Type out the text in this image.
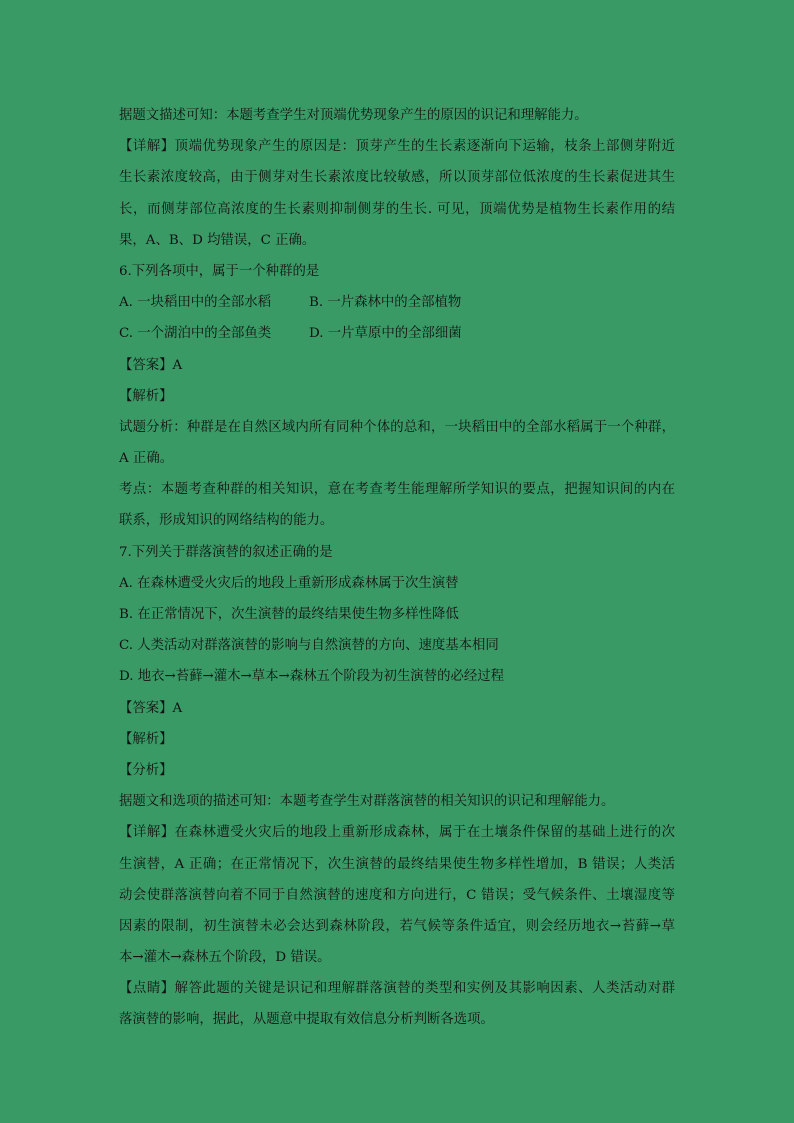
据题文描述可知：本题考查学生对顶端优势现象产生的原因的识记和理解能力。
【详解】顶端优势现象产生的原因是：顶芽产生的生长素逐渐向下运输，枝条上部侧芽附近
生长素浓度较高，由于侧芽对生长素浓度比较敏感，所以顶芽部位低浓度的生长素促进其生
长，而侧芽部位高浓度的生长素则抑制侧芽的生长. 可见，顶端优势是植物生长素作用的结
果，A、B、D 均错误，C 正确。
6.下列各项中，属于一个种群的是
A. 一块稻田中的全部水稻	B. 一片森林中的全部植物
C. 一个湖泊中的全部鱼类	D. 一片草原中的全部细菌
【答案】A
【解析】
试题分析：种群是在自然区域内所有同种个体的总和，一块稻田中的全部水稻属于一个种群，
A 正确。
考点：本题考查种群的相关知识，意在考查考生能理解所学知识的要点，把握知识间的内在
联系，形成知识的网络结构的能力。
7.下列关于群落演替的叙述正确的是
A. 在森林遭受火灾后的地段上重新形成森林属于次生演替
B. 在正常情况下，次生演替的最终结果使生物多样性降低
C. 人类活动对群落演替的影响与自然演替的方向、速度基本相同
D. 地衣→苔藓→灌木→草本→森林五个阶段为初生演替的必经过程
【答案】A
【解析】
【分析】
据题文和选项的描述可知：本题考查学生对群落演替的相关知识的识记和理解能力。
【详解】在森林遭受火灾后的地段上重新形成森林，属于在土壤条件保留的基础上进行的次
生演替，A 正确；在正常情况下，次生演替的最终结果使生物多样性增加，B 错误；人类活
动会使群落演替向着不同于自然演替的速度和方向进行，C 错误；受气候条件、土壤湿度等
因素的限制，初生演替未必会达到森林阶段，若气候等条件适宜，则会经历地衣→苔藓→草
本→灌木→森林五个阶段，D 错误。
【点睛】解答此题的关键是识记和理解群落演替的类型和实例及其影响因素、人类活动对群
落演替的影响，据此，从题意中提取有效信息分析判断各选项。
